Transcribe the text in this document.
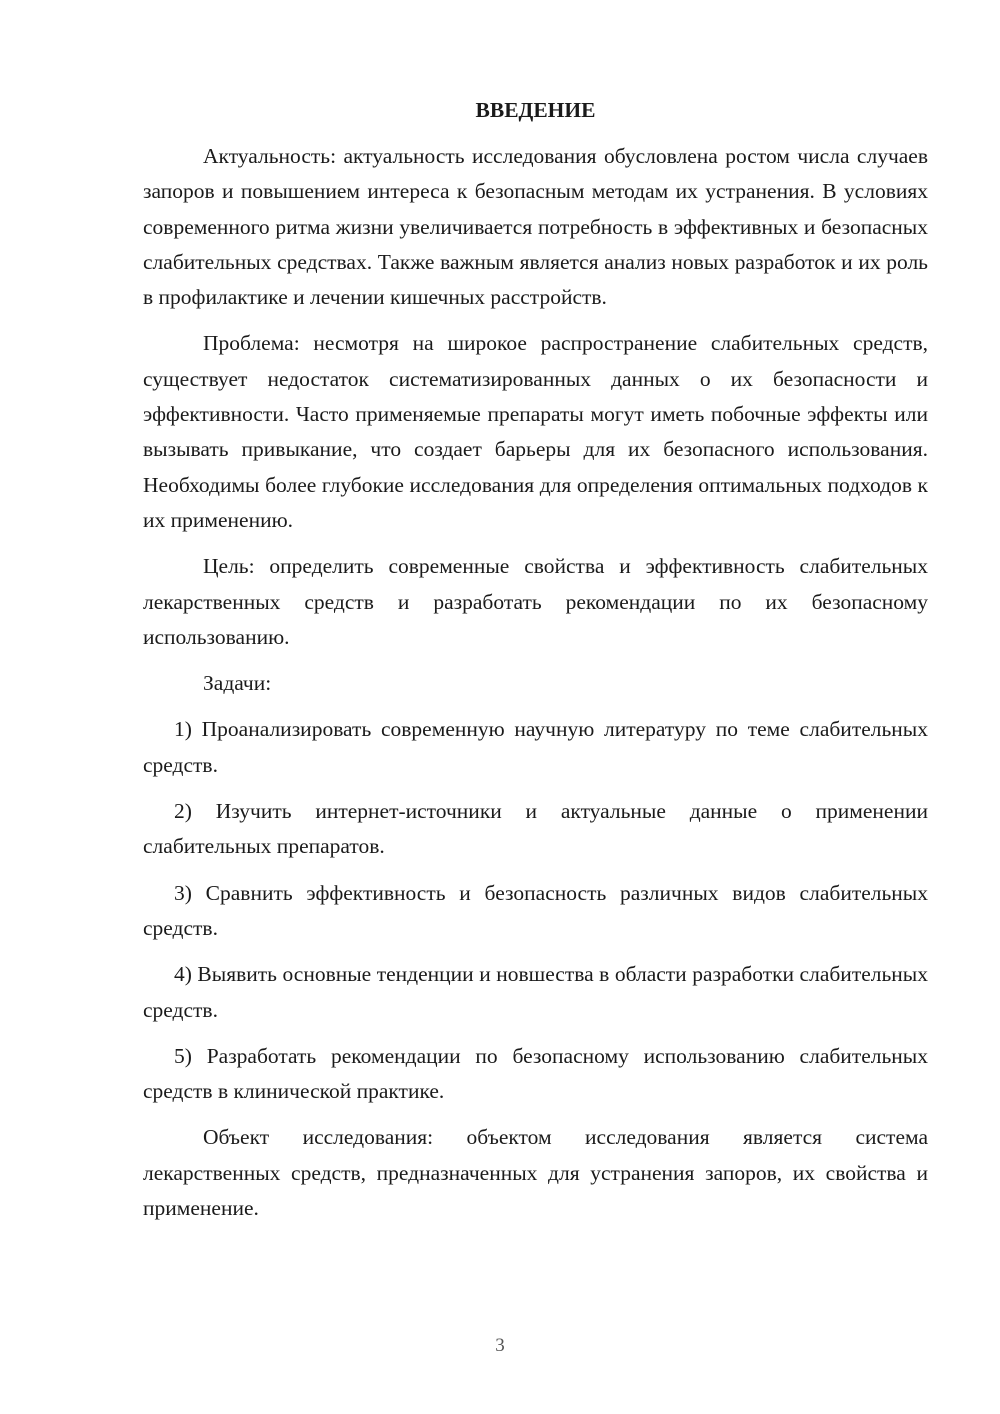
ВВЕДЕНИЕ

Актуальность: актуальность исследования обусловлена ростом числа случаев запоров и повышением интереса к безопасным методам их устранения. В условиях современного ритма жизни увеличивается потребность в эффективных и безопасных слабительных средствах. Также важным является анализ новых разработок и их роль в профилактике и лечении кишечных расстройств.

Проблема: несмотря на широкое распространение слабительных средств, существует недостаток систематизированных данных о их безопасности и эффективности. Часто применяемые препараты могут иметь побочные эффекты или вызывать привыкание, что создает барьеры для их безопасного использования. Необходимы более глубокие исследования для определения оптимальных подходов к их применению.

Цель: определить современные свойства и эффективность слабительных лекарственных средств и разработать рекомендации по их безопасному использованию.

Задачи:

1) Проанализировать современную научную литературу по теме слабительных средств.

2) Изучить интернет-источники и актуальные данные о применении слабительных препаратов.

3) Сравнить эффективность и безопасность различных видов слабительных средств.

4) Выявить основные тенденции и новшества в области разработки слабительных средств.

5) Разработать рекомендации по безопасному использованию слабительных средств в клинической практике.

Объект исследования: объектом исследования является система лекарственных средств, предназначенных для устранения запоров, их свойства и применение.

3
